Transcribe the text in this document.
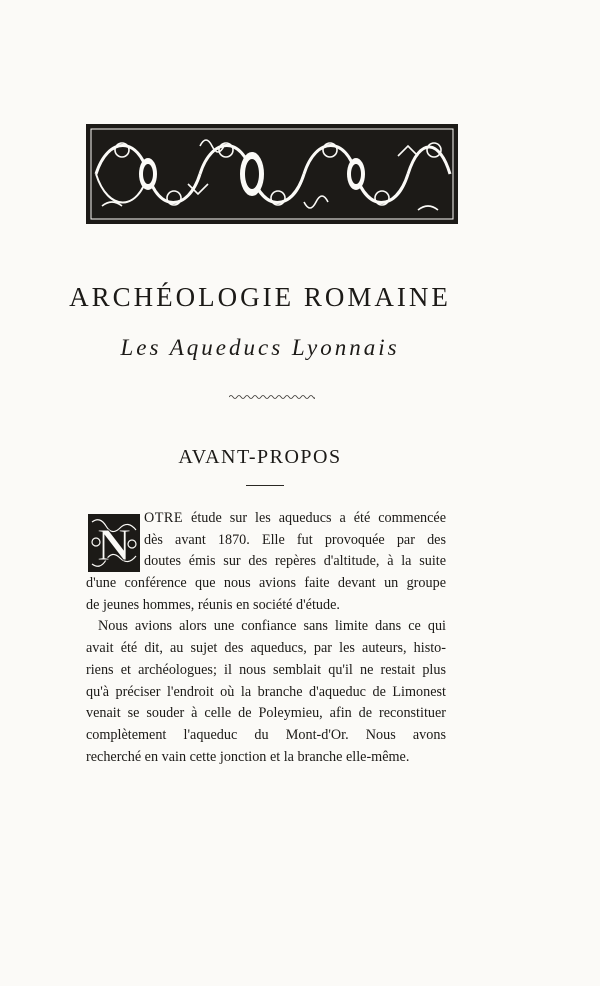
ARCHÉOLOGIE ROMAINE
Les Aqueducs Lyonnais
AVANT-PROPOS
N
OTRE étude sur les aqueducs a été commencée
dès avant 1870. Elle fut provoquée par des
doutes émis sur des repères d'altitude, à la suite
d'une conférence que nous avions faite devant un groupe
de jeunes hommes, réunis en société d'étude.
Nous avions alors une confiance sans limite dans ce qui
avait été dit, au sujet des aqueducs, par les auteurs, histo-
riens et archéologues; il nous semblait qu'il ne restait plus
qu'à préciser l'endroit où la branche d'aqueduc de Limonest
venait se souder à celle de Poleymieu, afin de reconstituer
complètement l'aqueduc du Mont-d'Or. Nous avons
recherché en vain cette jonction et la branche elle-même.
